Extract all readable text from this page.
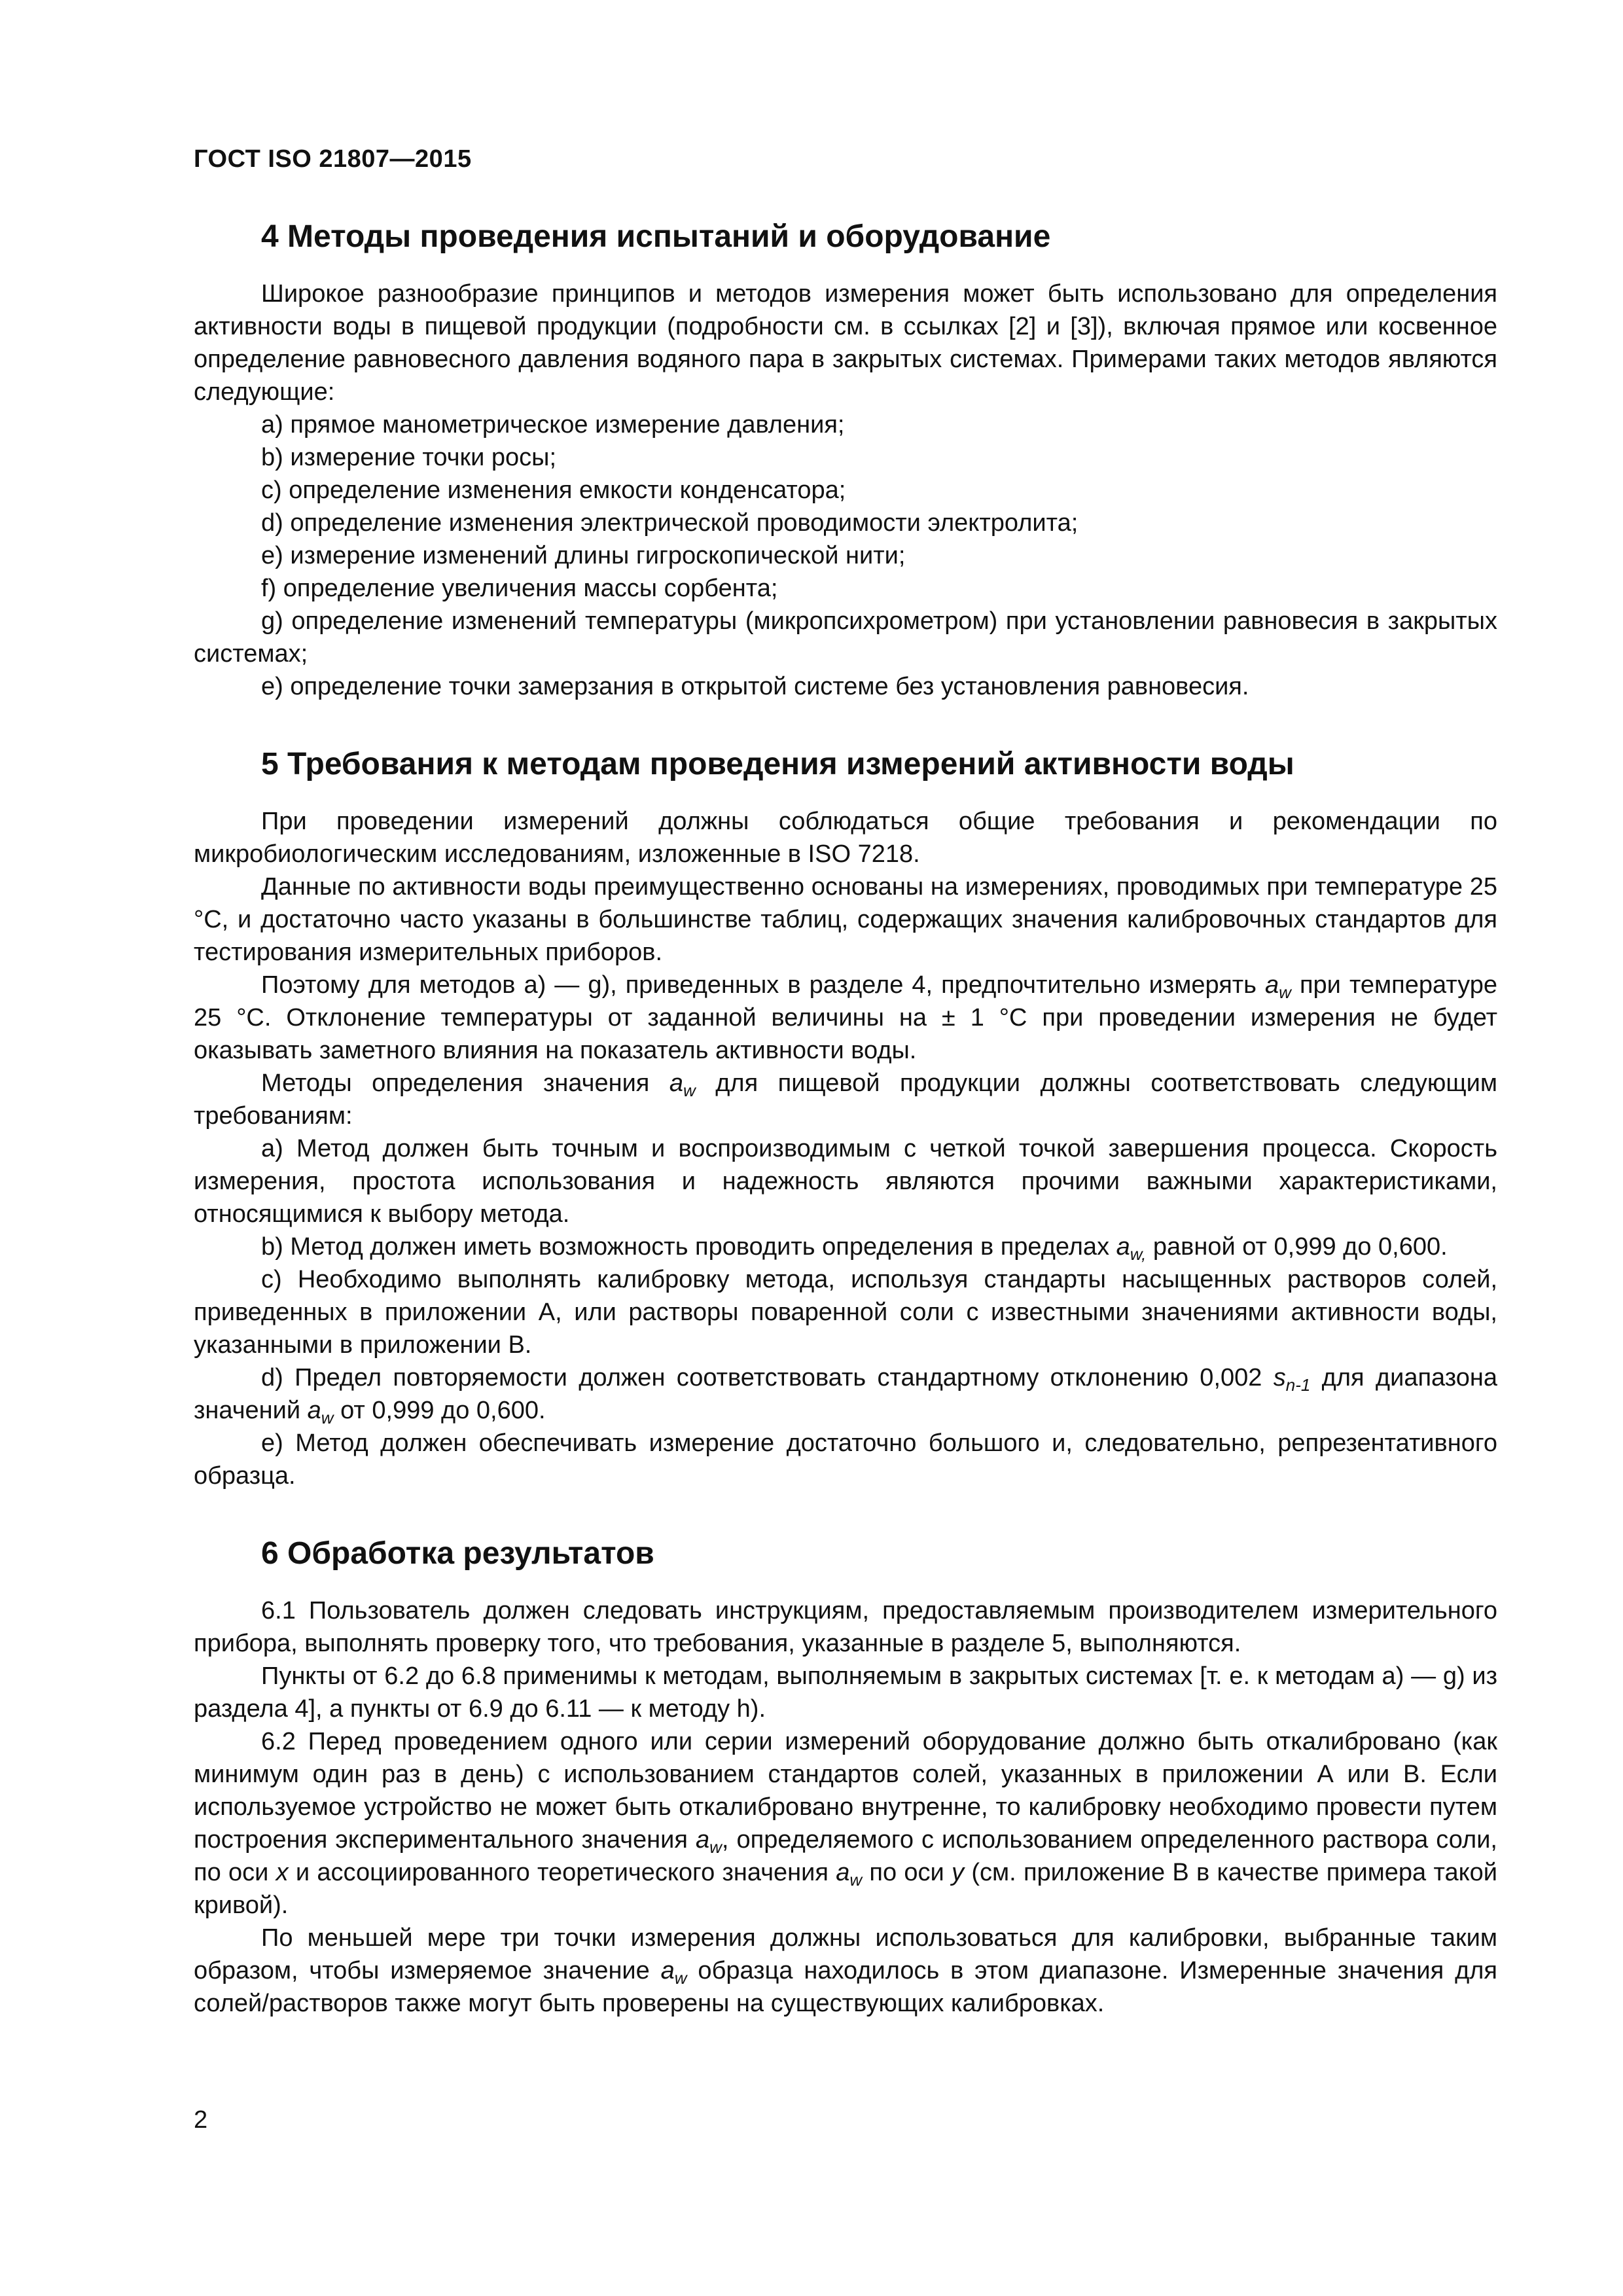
ГОСТ ISO 21807—2015
4 Методы проведения испытаний и оборудование

Широкое разнообразие принципов и методов измерения может быть использовано для определения активности воды в пищевой продукции (подробности см. в ссылках [2] и [3]), включая прямое или косвенное определение равновесного давления водяного пара в закрытых системах. Примерами таких методов являются следующие:

a) прямое манометрическое измерение давления;

b) измерение точки росы;

c) определение изменения емкости конденсатора;

d) определение изменения электрической проводимости электролита;

e) измерение изменений длины гигроскопической нити;

f) определение увеличения массы сорбента;

g) определение изменений температуры (микропсихрометром) при установлении равновесия в закрытых системах;

e) определение точки замерзания в открытой системе без установления равновесия.

5 Требования к методам проведения измерений активности воды

При проведении измерений должны соблюдаться общие требования и рекомендации по микробиологическим исследованиям, изложенные в ISO 7218.

Данные по активности воды преимущественно основаны на измерениях, проводимых при температуре 25 °С, и достаточно часто указаны в большинстве таблиц, содержащих значения калибровочных стандартов для тестирования измерительных приборов.

Поэтому для методов a) — g), приведенных в разделе 4, предпочтительно измерять $a_w$ при температуре 25 °С. Отклонение температуры от заданной величины на ± 1 °С при проведении измерения не будет оказывать заметного влияния на показатель активности воды.

Методы определения значения $a_w$ для пищевой продукции должны соответствовать следующим требованиям:

a) Метод должен быть точным и воспроизводимым с четкой точкой завершения процесса. Скорость измерения, простота использования и надежность являются прочими важными характеристиками, относящимися к выбору метода.

b) Метод должен иметь возможность проводить определения в пределах $a_{w,}$ равной от 0,999 до 0,600.

c) Необходимо выполнять калибровку метода, используя стандарты насыщенных растворов солей, приведенных в приложении А, или растворы поваренной соли с известными значениями активности воды, указанными в приложении В.

d) Предел повторяемости должен соответствовать стандартному отклонению 0,002 $s_{n-1}$ для диапазона значений $a_w$ от 0,999 до 0,600.

e) Метод должен обеспечивать измерение достаточно большого и, следовательно, репрезентативного образца.

6 Обработка результатов

6.1 Пользователь должен следовать инструкциям, предоставляемым производителем измерительного прибора, выполнять проверку того, что требования, указанные в разделе 5, выполняются.

Пункты от 6.2 до 6.8 применимы к методам, выполняемым в закрытых системах [т. е. к методам a) — g) из раздела 4], а пункты от 6.9 до 6.11 — к методу h).

6.2 Перед проведением одного или серии измерений оборудование должно быть откалибровано (как минимум один раз в день) с использованием стандартов солей, указанных в приложении А или В. Если используемое устройство не может быть откалибровано внутренне, то калибровку необходимо провести путем построения экспериментального значения $a_w$, определяемого с использованием определенного раствора соли, по оси x и ассоциированного теоретического значения $a_w$ по оси y (см. приложение В в качестве примера такой кривой).

По меньшей мере три точки измерения должны использоваться для калибровки, выбранные таким образом, чтобы измеряемое значение $a_w$ образца находилось в этом диапазоне. Измеренные значения для солей/растворов также могут быть проверены на существующих калибровках.

2
